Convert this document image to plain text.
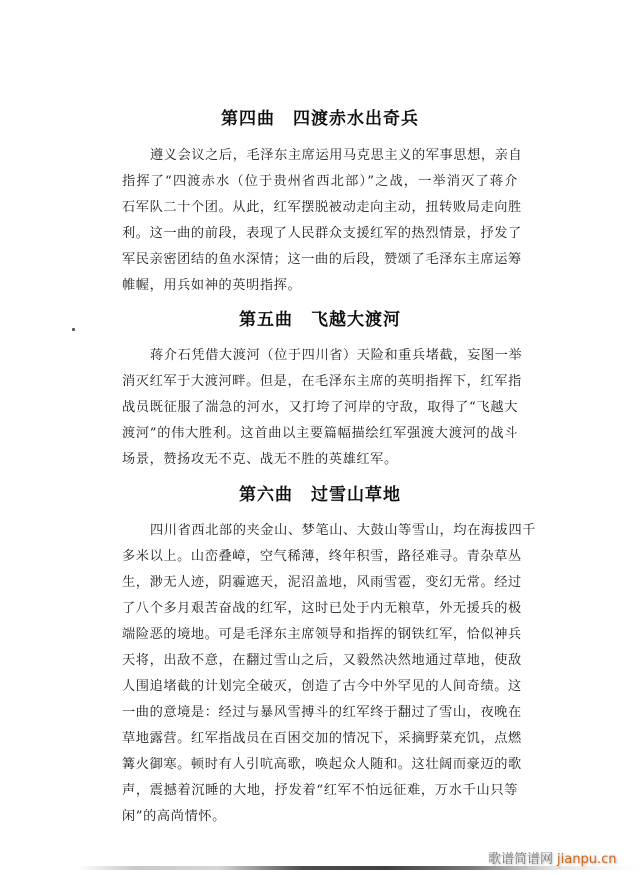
第四曲 四渡赤水出奇兵
遵义会议之后，毛泽东主席运用马克思主义的军事思想，亲自
指挥了“四渡赤水（位于贵州省西北部）”之战，一举消灭了蒋介
石军队二十个团。从此，红军摆脱被动走向主动，扭转败局走向胜
利。这一曲的前段，表现了人民群众支援红军的热烈情景，抒发了
军民亲密团结的鱼水深情；这一曲的后段，赞颂了毛泽东主席运筹
帷幄，用兵如神的英明指挥。
第五曲 飞越大渡河
蒋介石凭借大渡河（位于四川省）天险和重兵堵截，妄图一举
消灭红军于大渡河畔。但是，在毛泽东主席的英明指挥下，红军指
战员既征服了湍急的河水，又打垮了河岸的守敌，取得了“飞越大
渡河”的伟大胜利。这首曲以主要篇幅描绘红军强渡大渡河的战斗
场景，赞扬攻无不克、战无不胜的英雄红军。
第六曲 过雪山草地
四川省西北部的夹金山、梦笔山、大鼓山等雪山，均在海拔四千
多米以上。山峦叠嶂，空气稀薄，终年积雪，路径难寻。青杂草丛
生，渺无人迹，阴霾遮天，泥沼盖地，风雨雪雹，变幻无常。经过
了八个多月艰苦奋战的红军，这时已处于内无粮草，外无援兵的极
端险恶的境地。可是毛泽东主席领导和指挥的钢铁红军，恰似神兵
天将，出敌不意，在翻过雪山之后，又毅然决然地通过草地，使敌
人围追堵截的计划完全破灭，创造了古今中外罕见的人间奇绩。这
一曲的意境是：经过与暴风雪搏斗的红军终于翻过了雪山，夜晚在
草地露营。红军指战员在百困交加的情况下，采摘野菜充饥，点燃
篝火御寒。顿时有人引吭高歌，唤起众人随和。这壮阔而豪迈的歌
声，震撼着沉睡的大地，抒发着“红军不怕远征难，万水千山只等
闲”的高尚情怀。
歌谱简谱网 jianpu.cn
